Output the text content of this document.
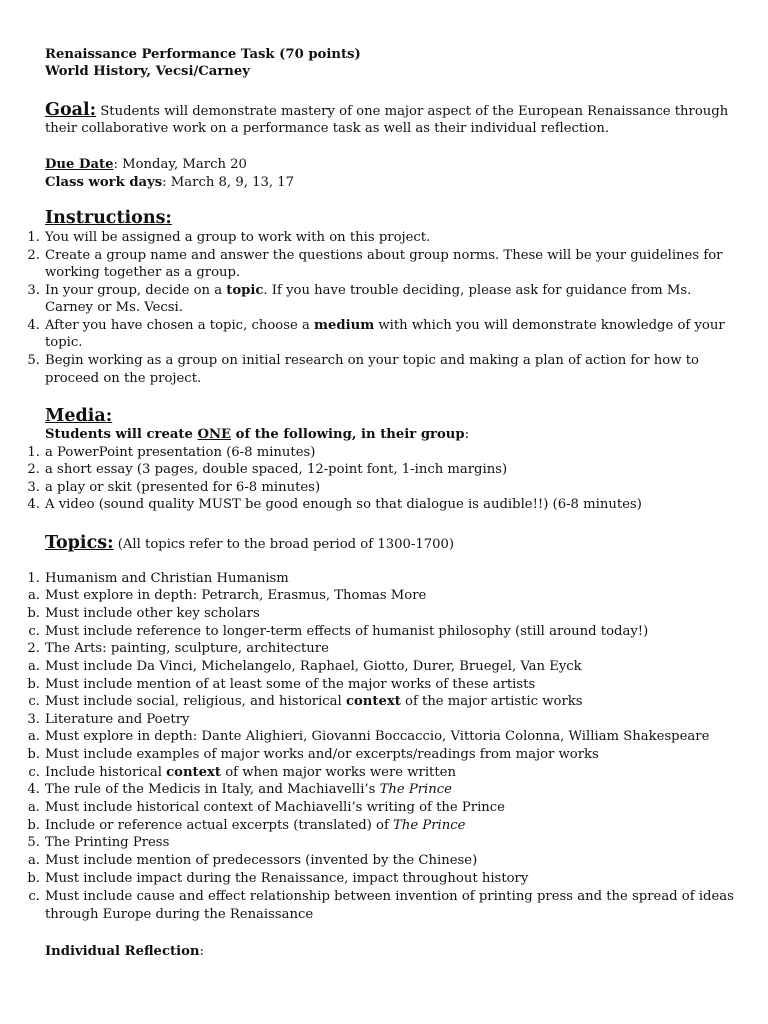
Renaissance Performance Task (70 points)
World History, Vecsi/Carney
Goal: Students will demonstrate mastery of one major aspect of the European Renaissance through
their collaborative work on a performance task as well as their individual reflection.
Due Date: Monday, March 20
Class work days: March 8, 9, 13, 17
Instructions:
1. You will be assigned a group to work with on this project.
2. Create a group name and answer the questions about group norms. These will be your guidelines for
working together as a group.
3. In your group, decide on a topic. If you have trouble deciding, please ask for guidance from Ms.
Carney or Ms. Vecsi.
4. After you have chosen a topic, choose a medium with which you will demonstrate knowledge of your
topic.
5. Begin working as a group on initial research on your topic and making a plan of action for how to
proceed on the project.
Media:
Students will create ONE of the following, in their group:
1. a PowerPoint presentation (6-8 minutes)
2. a short essay (3 pages, double spaced, 12-point font, 1-inch margins)
3. a play or skit (presented for 6-8 minutes)
4. A video (sound quality MUST be good enough so that dialogue is audible!!) (6-8 minutes)
Topics: (All topics refer to the broad period of 1300-1700)
1. Humanism and Christian Humanism
a. Must explore in depth: Petrarch, Erasmus, Thomas More
b. Must include other key scholars
c. Must include reference to longer-term effects of humanist philosophy (still around today!)
2. The Arts: painting, sculpture, architecture
a. Must include Da Vinci, Michelangelo, Raphael, Giotto, Durer, Bruegel, Van Eyck
b. Must include mention of at least some of the major works of these artists
c. Must include social, religious, and historical context of the major artistic works
3. Literature and Poetry
a. Must explore in depth: Dante Alighieri, Giovanni Boccaccio, Vittoria Colonna, William Shakespeare
b. Must include examples of major works and/or excerpts/readings from major works
c. Include historical context of when major works were written
4. The rule of the Medicis in Italy, and Machiavelli’s The Prince
a. Must include historical context of Machiavelli’s writing of the Prince
b. Include or reference actual excerpts (translated) of The Prince
5. The Printing Press
a. Must include mention of predecessors (invented by the Chinese)
b. Must include impact during the Renaissance, impact throughout history
c. Must include cause and effect relationship between invention of printing press and the spread of ideas
through Europe during the Renaissance
Individual Reflection:
